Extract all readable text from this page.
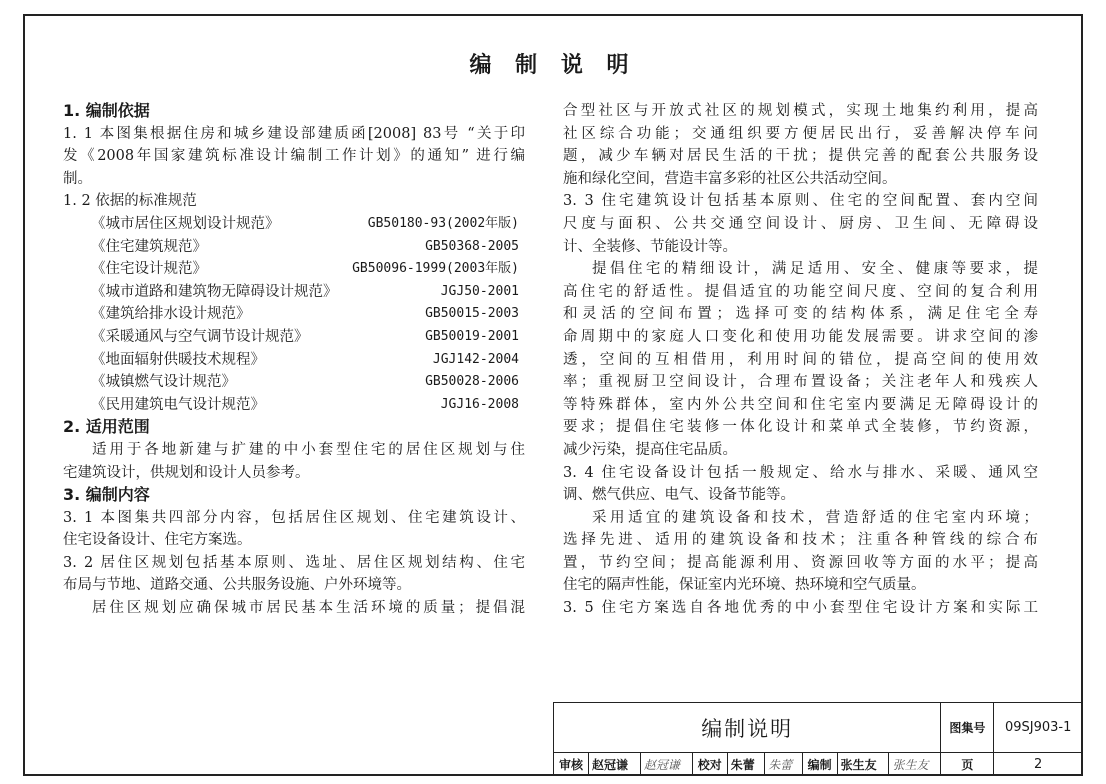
编 制 说 明
1. 编制依据
1. 1 本图集根据住房和城乡建设部建质函[2008] 83号 “关于印
发《2008年国家建筑标准设计编制工作计划》的通知” 进行编
制。
1. 2 依据的标准规范
《城市居住区规划设计规范》	GB50180-93(2002年版)
《住宅建筑规范》	GB50368-2005
《住宅设计规范》	GB50096-1999(2003年版)
《城市道路和建筑物无障碍设计规范》	JGJ50-2001
《建筑给排水设计规范》	GB50015-2003
《采暖通风与空气调节设计规范》	GB50019-2001
《地面辐射供暖技术规程》	JGJ142-2004
《城镇燃气设计规范》	GB50028-2006
《民用建筑电气设计规范》	JGJ16-2008
2. 适用范围
适用于各地新建与扩建的中小套型住宅的居住区规划与住
宅建筑设计，供规划和设计人员参考。
3. 编制内容
3. 1 本图集共四部分内容，包括居住区规划、住宅建筑设计、
住宅设备设计、住宅方案选。
3. 2 居住区规划包括基本原则、选址、居住区规划结构、住宅
布局与节地、道路交通、公共服务设施、户外环境等。
居住区规划应确保城市居民基本生活环境的质量；提倡混
合型社区与开放式社区的规划模式，实现土地集约利用，提高
社区综合功能；交通组织要方便居民出行，妥善解决停车问
题，减少车辆对居民生活的干扰；提供完善的配套公共服务设
施和绿化空间，营造丰富多彩的社区公共活动空间。
3. 3 住宅建筑设计包括基本原则、住宅的空间配置、套内空间
尺度与面积、公共交通空间设计、厨房、卫生间、无障碍设
计、全装修、节能设计等。
提倡住宅的精细设计，满足适用、安全、健康等要求，提
高住宅的舒适性。提倡适宜的功能空间尺度、空间的复合利用
和灵活的空间布置；选择可变的结构体系，满足住宅全寿
命周期中的家庭人口变化和使用功能发展需要。讲求空间的渗
透，空间的互相借用，利用时间的错位，提高空间的使用效
率；重视厨卫空间设计，合理布置设备；关注老年人和残疾人
等特殊群体，室内外公共空间和住宅室内要满足无障碍设计的
要求；提倡住宅装修一体化设计和菜单式全装修，节约资源，
减少污染，提高住宅品质。
3. 4 住宅设备设计包括一般规定、给水与排水、采暖、通风空
调、燃气供应、电气、设备节能等。
采用适宜的建筑设备和技术，营造舒适的住宅室内环境；
选择先进、适用的建筑设备和技术；注重各种管线的综合布
置，节约空间；提高能源利用、资源回收等方面的水平；提高
住宅的隔声性能，保证室内光环境、热环境和空气质量。
3. 5 住宅方案选自各地优秀的中小套型住宅设计方案和实际工
编制说明									图集号	09SJ903-1
审核	赵冠谦	赵冠谦	校对	朱蕾	朱蕾	编制	张生友	张生友	页	2
